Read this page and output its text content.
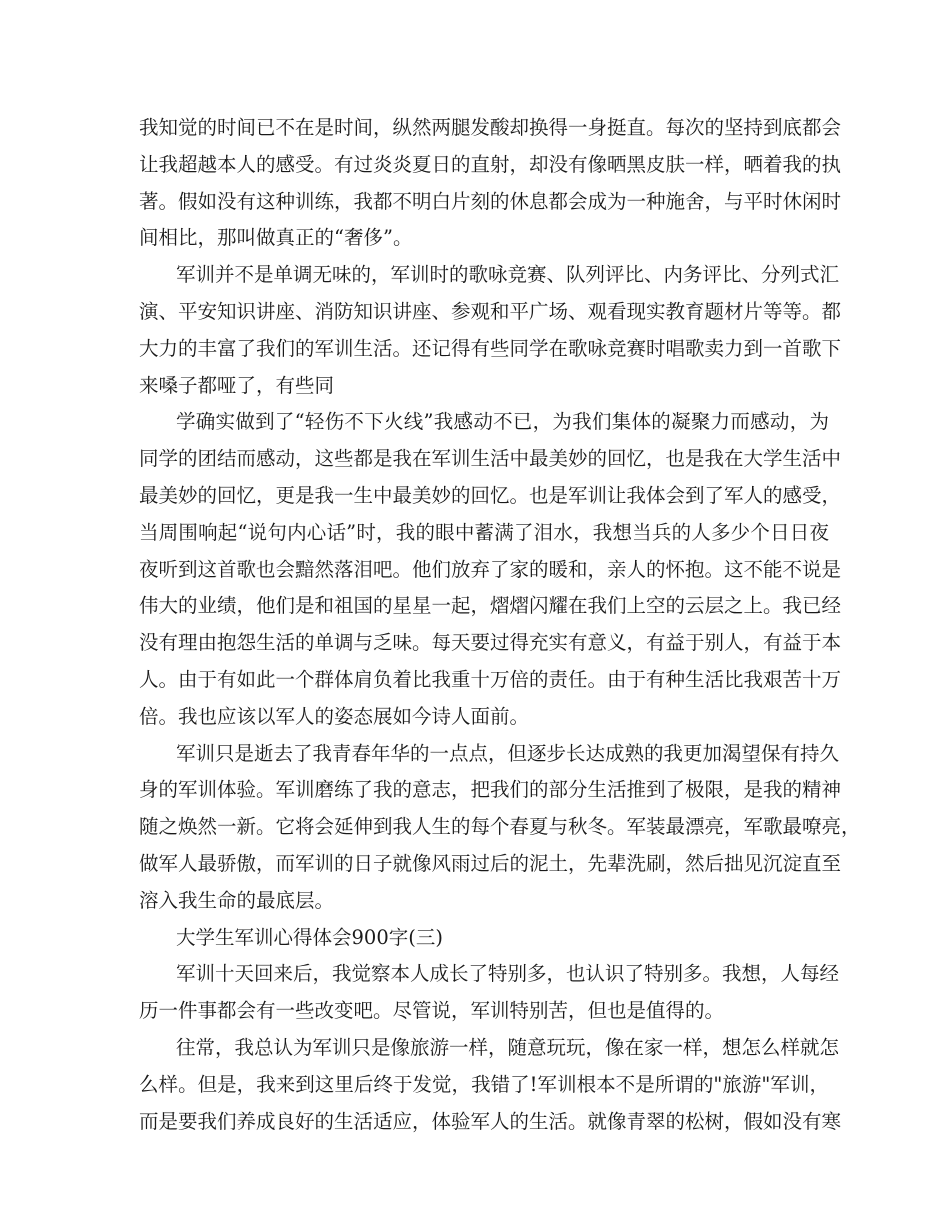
我知觉的时间已不在是时间，纵然两腿发酸却换得一身挺直。每次的坚持到底都会
让我超越本人的感受。有过炎炎夏日的直射，却没有像晒黑皮肤一样，晒着我的执
著。假如没有这种训练，我都不明白片刻的休息都会成为一种施舍，与平时休闲时
间相比，那叫做真正的“奢侈”。
军训并不是单调无味的，军训时的歌咏竞赛、队列评比、内务评比、分列式汇
演、平安知识讲座、消防知识讲座、参观和平广场、观看现实教育题材片等等。都
大力的丰富了我们的军训生活。还记得有些同学在歌咏竞赛时唱歌卖力到一首歌下
来嗓子都哑了，有些同
学确实做到了“轻伤不下火线”我感动不已，为我们集体的凝聚力而感动，为
同学的团结而感动，这些都是我在军训生活中最美妙的回忆，也是我在大学生活中
最美妙的回忆，更是我一生中最美妙的回忆。也是军训让我体会到了军人的感受，
当周围响起“说句内心话”时，我的眼中蓄满了泪水，我想当兵的人多少个日日夜
夜听到这首歌也会黯然落泪吧。他们放弃了家的暖和，亲人的怀抱。这不能不说是
伟大的业绩，他们是和祖国的星星一起，熠熠闪耀在我们上空的云层之上。我已经
没有理由抱怨生活的单调与乏味。每天要过得充实有意义，有益于别人，有益于本
人。由于有如此一个群体肩负着比我重十万倍的责任。由于有种生活比我艰苦十万
倍。我也应该以军人的姿态展如今诗人面前。
军训只是逝去了我青春年华的一点点，但逐步长达成熟的我更加渴望保有持久
身的军训体验。军训磨练了我的意志，把我们的部分生活推到了极限，是我的精神
随之焕然一新。它将会延伸到我人生的每个春夏与秋冬。军装最漂亮，军歌最嘹亮，
做军人最骄傲，而军训的日子就像风雨过后的泥土，先辈洗刷，然后拙见沉淀直至
溶入我生命的最底层。
大学生军训心得体会900字(三)
军训十天回来后，我觉察本人成长了特别多，也认识了特别多。我想，人每经
历一件事都会有一些改变吧。尽管说，军训特别苦，但也是值得的。
往常，我总认为军训只是像旅游一样，随意玩玩，像在家一样，想怎么样就怎
么样。但是，我来到这里后终于发觉，我错了!军训根本不是所谓的"旅游"军训，
而是要我们养成良好的生活适应，体验军人的生活。就像青翠的松树，假如没有寒
